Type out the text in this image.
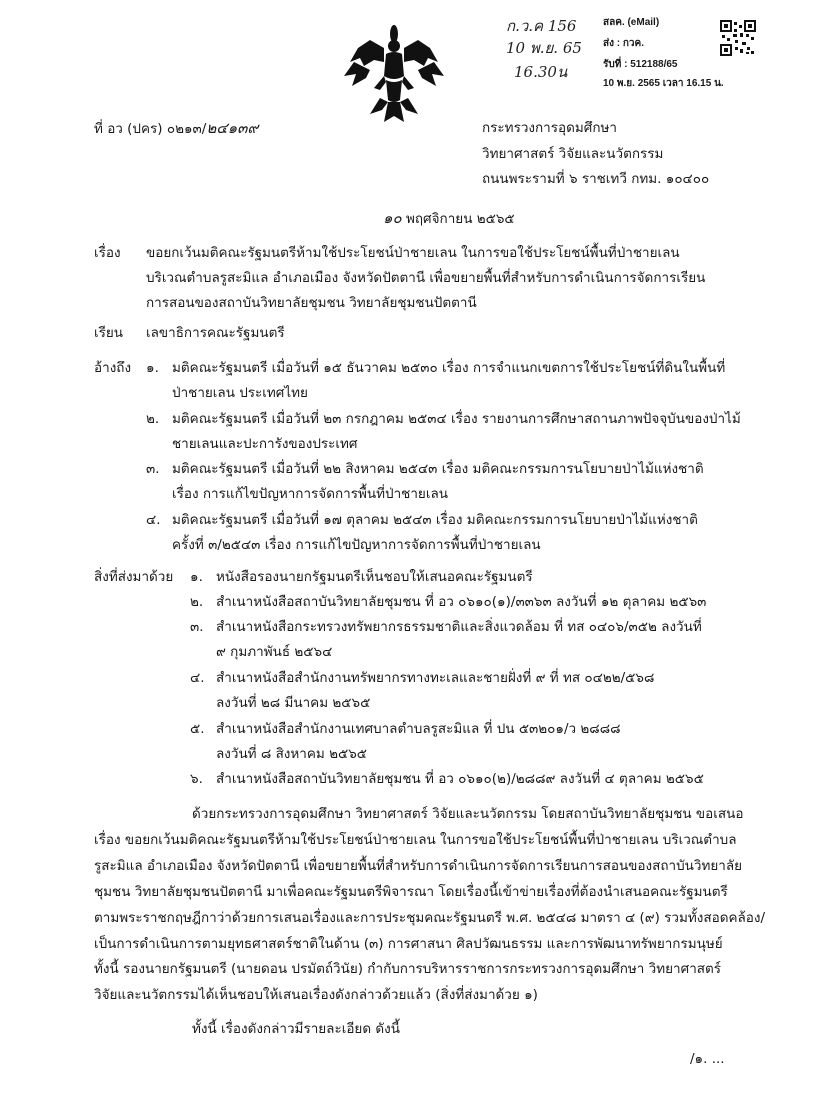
ก.ว.ค 156
10 พ.ย. 65
16.30น
สลค. (eMail)
ส่ง : กวค.
รับที่ : 512188/65
10 พ.ย. 2565 เวลา 16.15 น.
ที่ อว (ปคร) ๐๒๑๓/๒๔๑๓๙	กระทรวงการอุดมศึกษา
วิทยาศาสตร์ วิจัยและนวัตกรรม
ถนนพระรามที่ ๖ ราชเทวี กทม. ๑๐๔๐๐
๑๐ พฤศจิกายน ๒๕๖๕
เรื่อง ขอยกเว้นมติคณะรัฐมนตรีห้ามใช้ประโยชน์ป่าชายเลน ในการขอใช้ประโยชน์พื้นที่ป่าชายเลน
บริเวณตำบลรูสะมิแล อำเภอเมือง จังหวัดปัตตานี เพื่อขยายพื้นที่สำหรับการดำเนินการจัดการเรียน
การสอนของสถาบันวิทยาลัยชุมชน วิทยาลัยชุมชนปัตตานี
เรียน เลขาธิการคณะรัฐมนตรี
อ้างถึง ๑. มติคณะรัฐมนตรี เมื่อวันที่ ๑๕ ธันวาคม ๒๕๓๐ เรื่อง การจำแนกเขตการใช้ประโยชน์ที่ดินในพื้นที่
ป่าชายเลน ประเทศไทย
๒. มติคณะรัฐมนตรี เมื่อวันที่ ๒๓ กรกฎาคม ๒๕๓๔ เรื่อง รายงานการศึกษาสถานภาพปัจจุบันของป่าไม้
ชายเลนและปะการังของประเทศ
๓. มติคณะรัฐมนตรี เมื่อวันที่ ๒๒ สิงหาคม ๒๕๔๓ เรื่อง มติคณะกรรมการนโยบายป่าไม้แห่งชาติ
เรื่อง การแก้ไขปัญหาการจัดการพื้นที่ป่าชายเลน
๔. มติคณะรัฐมนตรี เมื่อวันที่ ๑๗ ตุลาคม ๒๕๔๓ เรื่อง มติคณะกรรมการนโยบายป่าไม้แห่งชาติ
ครั้งที่ ๓/๒๕๔๓ เรื่อง การแก้ไขปัญหาการจัดการพื้นที่ป่าชายเลน
สิ่งที่ส่งมาด้วย ๑. หนังสือรองนายกรัฐมนตรีเห็นชอบให้เสนอคณะรัฐมนตรี
๒. สำเนาหนังสือสถาบันวิทยาลัยชุมชน ที่ อว ๐๖๑๐(๑)/๓๓๖๓ ลงวันที่ ๑๒ ตุลาคม ๒๕๖๓
๓. สำเนาหนังสือกระทรวงทรัพยากรธรรมชาติและสิ่งแวดล้อม ที่ ทส ๐๔๐๖/๓๕๒ ลงวันที่
๙ กุมภาพันธ์ ๒๕๖๔
๔. สำเนาหนังสือสำนักงานทรัพยากรทางทะเลและชายฝั่งที่ ๙ ที่ ทส ๐๔๒๒/๕๖๘
ลงวันที่ ๒๘ มีนาคม ๒๕๖๕
๕. สำเนาหนังสือสำนักงานเทศบาลตำบลรูสะมิแล ที่ ปน ๕๓๒๐๑/ว ๒๘๘๘
ลงวันที่ ๘ สิงหาคม ๒๕๖๕
๖. สำเนาหนังสือสถาบันวิทยาลัยชุมชน ที่ อว ๐๖๑๐(๒)/๒๘๘๙ ลงวันที่ ๔ ตุลาคม ๒๕๖๕
ด้วยกระทรวงการอุดมศึกษา วิทยาศาสตร์ วิจัยและนวัตกรรม โดยสถาบันวิทยาลัยชุมชน ขอเสนอ
เรื่อง ขอยกเว้นมติคณะรัฐมนตรีห้ามใช้ประโยชน์ป่าชายเลน ในการขอใช้ประโยชน์พื้นที่ป่าชายเลน บริเวณตำบล
รูสะมิแล อำเภอเมือง จังหวัดปัตตานี เพื่อขยายพื้นที่สำหรับการดำเนินการจัดการเรียนการสอนของสถาบันวิทยาลัย
ชุมชน วิทยาลัยชุมชนปัตตานี มาเพื่อคณะรัฐมนตรีพิจารณา โดยเรื่องนี้เข้าข่ายเรื่องที่ต้องนำเสนอคณะรัฐมนตรี
ตามพระราชกฤษฎีกาว่าด้วยการเสนอเรื่องและการประชุมคณะรัฐมนตรี พ.ศ. ๒๕๔๘ มาตรา ๔ (๙) รวมทั้งสอดคล้อง/
เป็นการดำเนินการตามยุทธศาสตร์ชาติในด้าน (๓) การศาสนา ศิลปวัฒนธรรม และการพัฒนาทรัพยากรมนุษย์
ทั้งนี้ รองนายกรัฐมนตรี (นายดอน ปรมัตถ์วินัย) กำกับการบริหารราชการกระทรวงการอุดมศึกษา วิทยาศาสตร์
วิจัยและนวัตกรรมได้เห็นชอบให้เสนอเรื่องดังกล่าวด้วยแล้ว (สิ่งที่ส่งมาด้วย ๑)
ทั้งนี้ เรื่องดังกล่าวมีรายละเอียด ดังนี้
/๑. ...
